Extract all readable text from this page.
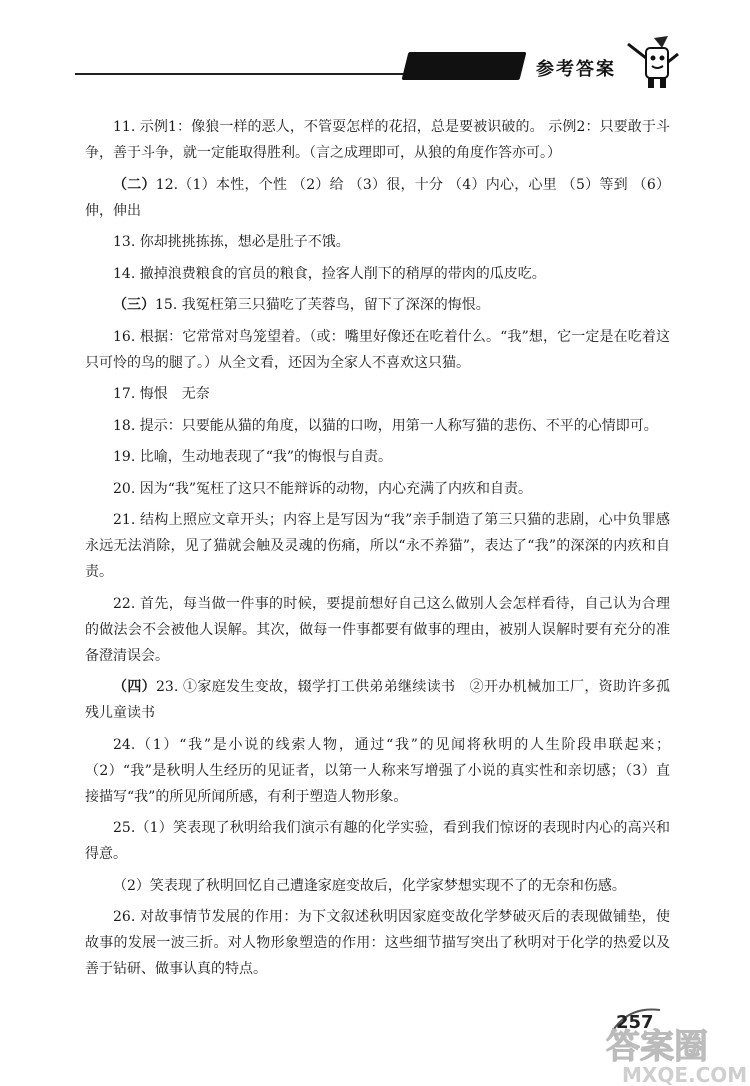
参考答案

11. 示例1：像狼一样的恶人，不管耍怎样的花招，总是要被识破的。 示例2：只要敢于斗争，善于斗争，就一定能取得胜利。（言之成理即可，从狼的角度作答亦可。）

（二）12.（1）本性，个性 （2）给 （3）很，十分 （4）内心，心里 （5）等到 （6）伸，伸出

13. 你却挑挑拣拣，想必是肚子不饿。

14. 撤掉浪费粮食的官员的粮食，捡客人削下的稍厚的带肉的瓜皮吃。

（三）15. 我冤枉第三只猫吃了芙蓉鸟，留下了深深的悔恨。

16. 根据：它常常对鸟笼望着。（或：嘴里好像还在吃着什么。“我”想，它一定是在吃着这只可怜的鸟的腿了。）从全文看，还因为全家人不喜欢这只猫。

17. 悔恨　无奈

18. 提示：只要能从猫的角度，以猫的口吻，用第一人称写猫的悲伤、不平的心情即可。

19. 比喻，生动地表现了“我”的悔恨与自责。

20. 因为“我”冤枉了这只不能辩诉的动物，内心充满了内疚和自责。

21. 结构上照应文章开头；内容上是写因为“我”亲手制造了第三只猫的悲剧，心中负罪感永远无法消除，见了猫就会触及灵魂的伤痛，所以“永不养猫”，表达了“我”的深深的内疚和自责。

22. 首先，每当做一件事的时候，要提前想好自己这么做别人会怎样看待，自己认为合理的做法会不会被他人误解。其次，做每一件事都要有做事的理由，被别人误解时要有充分的准备澄清误会。

（四）23. ①家庭发生变故，辍学打工供弟弟继续读书　②开办机械加工厂，资助许多孤残儿童读书

24.（1）“我”是小说的线索人物，通过“我”的见闻将秋明的人生阶段串联起来；（2）“我”是秋明人生经历的见证者，以第一人称来写增强了小说的真实性和亲切感；（3）直接描写“我”的所见所闻所感，有利于塑造人物形象。

25.（1）笑表现了秋明给我们演示有趣的化学实验，看到我们惊讶的表现时内心的高兴和得意。

（2）笑表现了秋明回忆自己遭逢家庭变故后，化学家梦想实现不了的无奈和伤感。

26. 对故事情节发展的作用：为下文叙述秋明因家庭变故化学梦破灭后的表现做铺垫，使故事的发展一波三折。对人物形象塑造的作用：这些细节描写突出了秋明对于化学的热爱以及善于钻研、做事认真的特点。

257
答案圈
MXQE.COM
